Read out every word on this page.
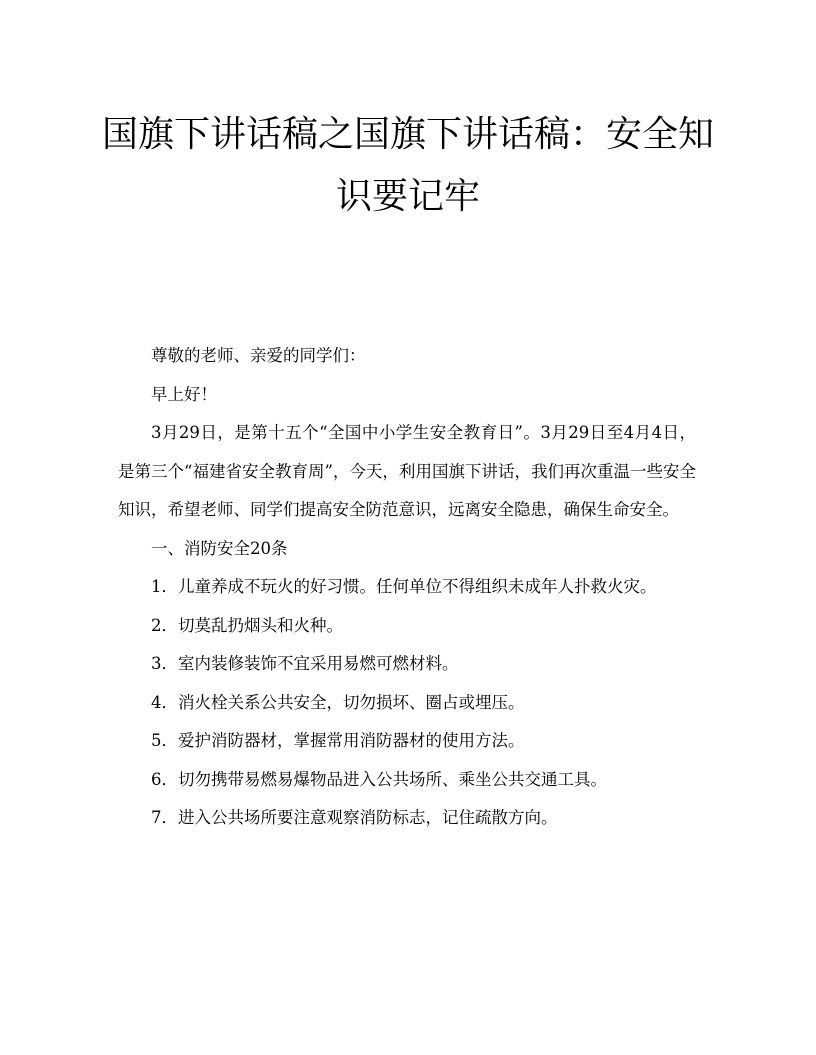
国旗下讲话稿之国旗下讲话稿：安全知识要记牢

尊敬的老师、亲爱的同学们：

早上好！

3月29日，是第十五个“全国中小学生安全教育日”。3月29日至4月4日，是第三个“福建省安全教育周”，今天，利用国旗下讲话，我们再次重温一些安全知识，希望老师、同学们提高安全防范意识，远离安全隐患，确保生命安全。

一、消防安全20条

1．儿童养成不玩火的好习惯。任何单位不得组织未成年人扑救火灾。

2．切莫乱扔烟头和火种。

3．室内装修装饰不宜采用易燃可燃材料。

4．消火栓关系公共安全，切勿损坏、圈占或埋压。

5．爱护消防器材，掌握常用消防器材的使用方法。

6．切勿携带易燃易爆物品进入公共场所、乘坐公共交通工具。

7．进入公共场所要注意观察消防标志，记住疏散方向。
